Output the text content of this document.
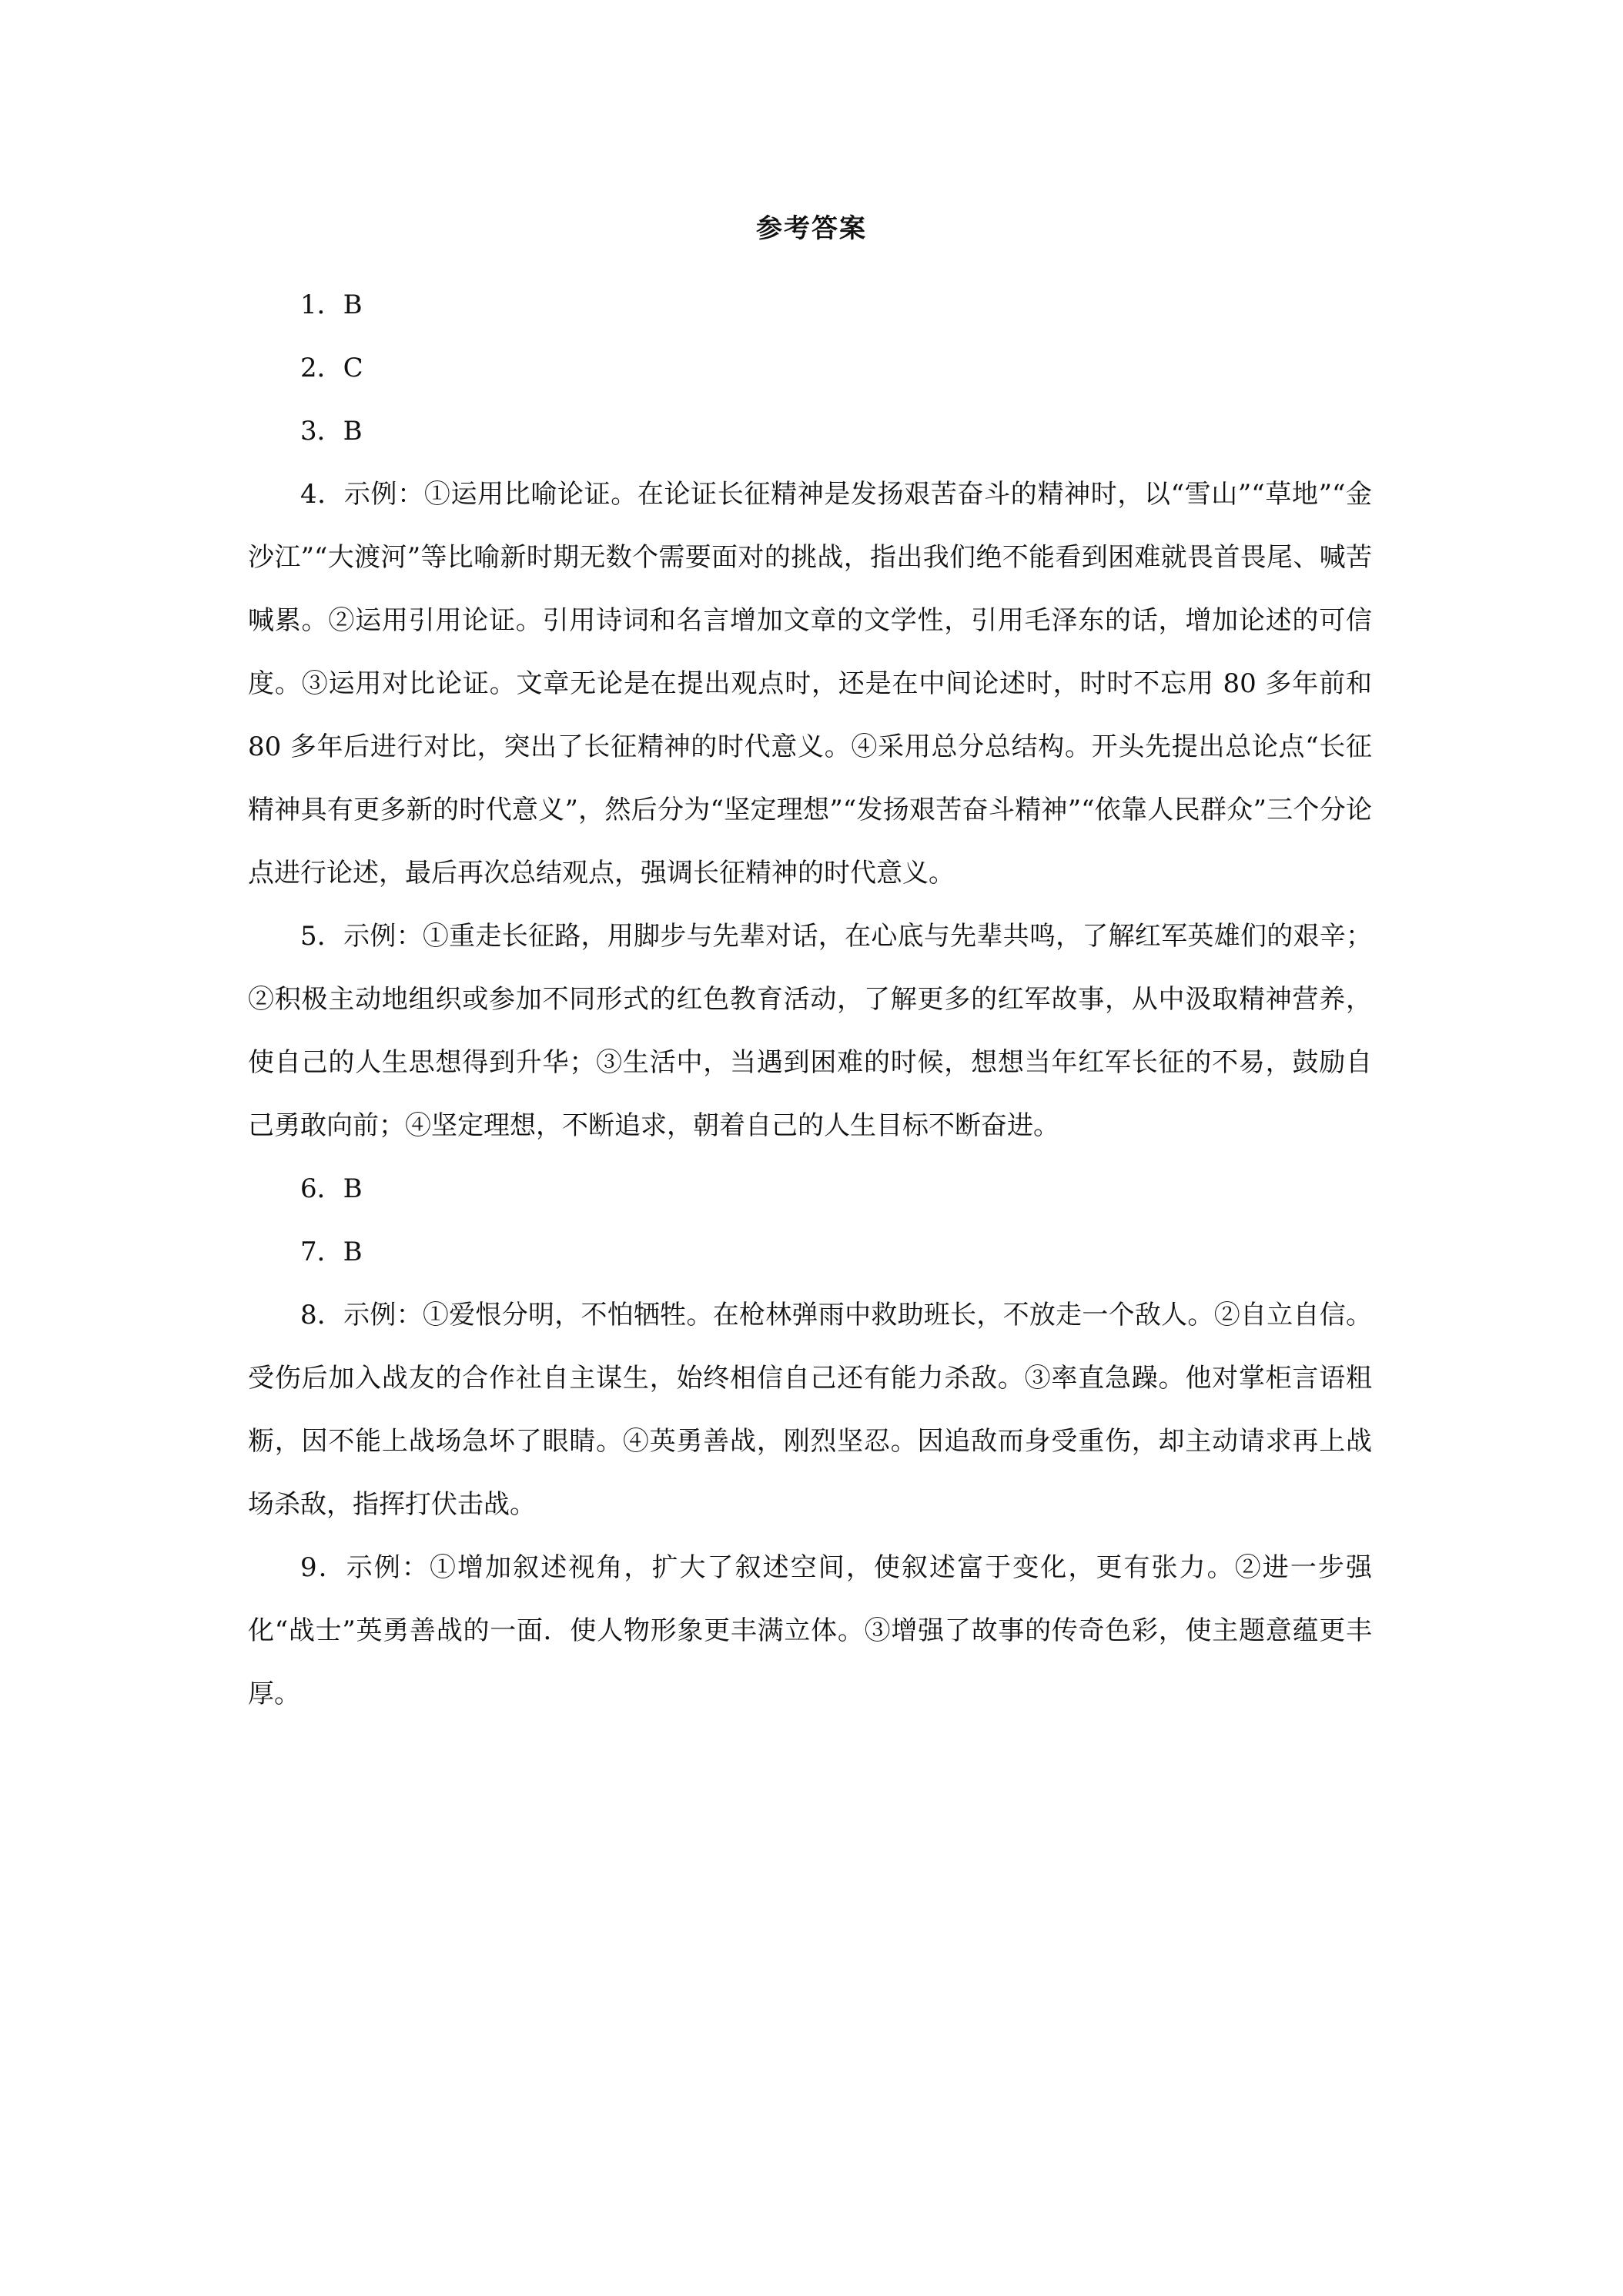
参考答案

1．B

2．C

3．B

4．示例：①运用比喻论证。在论证长征精神是发扬艰苦奋斗的精神时，以“雪山”“草地”“金沙江”“大渡河”等比喻新时期无数个需要面对的挑战，指出我们绝不能看到困难就畏首畏尾、喊苦喊累。②运用引用论证。引用诗词和名言增加文章的文学性，引用毛泽东的话，增加论述的可信度。③运用对比论证。文章无论是在提出观点时，还是在中间论述时，时时不忘用 80 多年前和 80 多年后进行对比，突出了长征精神的时代意义。④采用总分总结构。开头先提出总论点“长征精神具有更多新的时代意义”，然后分为“坚定理想”“发扬艰苦奋斗精神”“依靠人民群众”三个分论点进行论述，最后再次总结观点，强调长征精神的时代意义。

5．示例：①重走长征路，用脚步与先辈对话，在心底与先辈共鸣，了解红军英雄们的艰辛；②积极主动地组织或参加不同形式的红色教育活动，了解更多的红军故事，从中汲取精神营养，使自己的人生思想得到升华；③生活中，当遇到困难的时候，想想当年红军长征的不易，鼓励自己勇敢向前；④坚定理想，不断追求，朝着自己的人生目标不断奋进。

6．B

7．B

8．示例：①爱恨分明，不怕牺牲。在枪林弹雨中救助班长，不放走一个敌人。②自立自信。受伤后加入战友的合作社自主谋生，始终相信自己还有能力杀敌。③率直急躁。他对掌柜言语粗粝，因不能上战场急坏了眼睛。④英勇善战，刚烈坚忍。因追敌而身受重伤，却主动请求再上战场杀敌，指挥打伏击战。

9．示例：①增加叙述视角，扩大了叙述空间，使叙述富于变化，更有张力。②进一步强化“战士”英勇善战的一面．使人物形象更丰满立体。③增强了故事的传奇色彩，使主题意蕴更丰厚。
